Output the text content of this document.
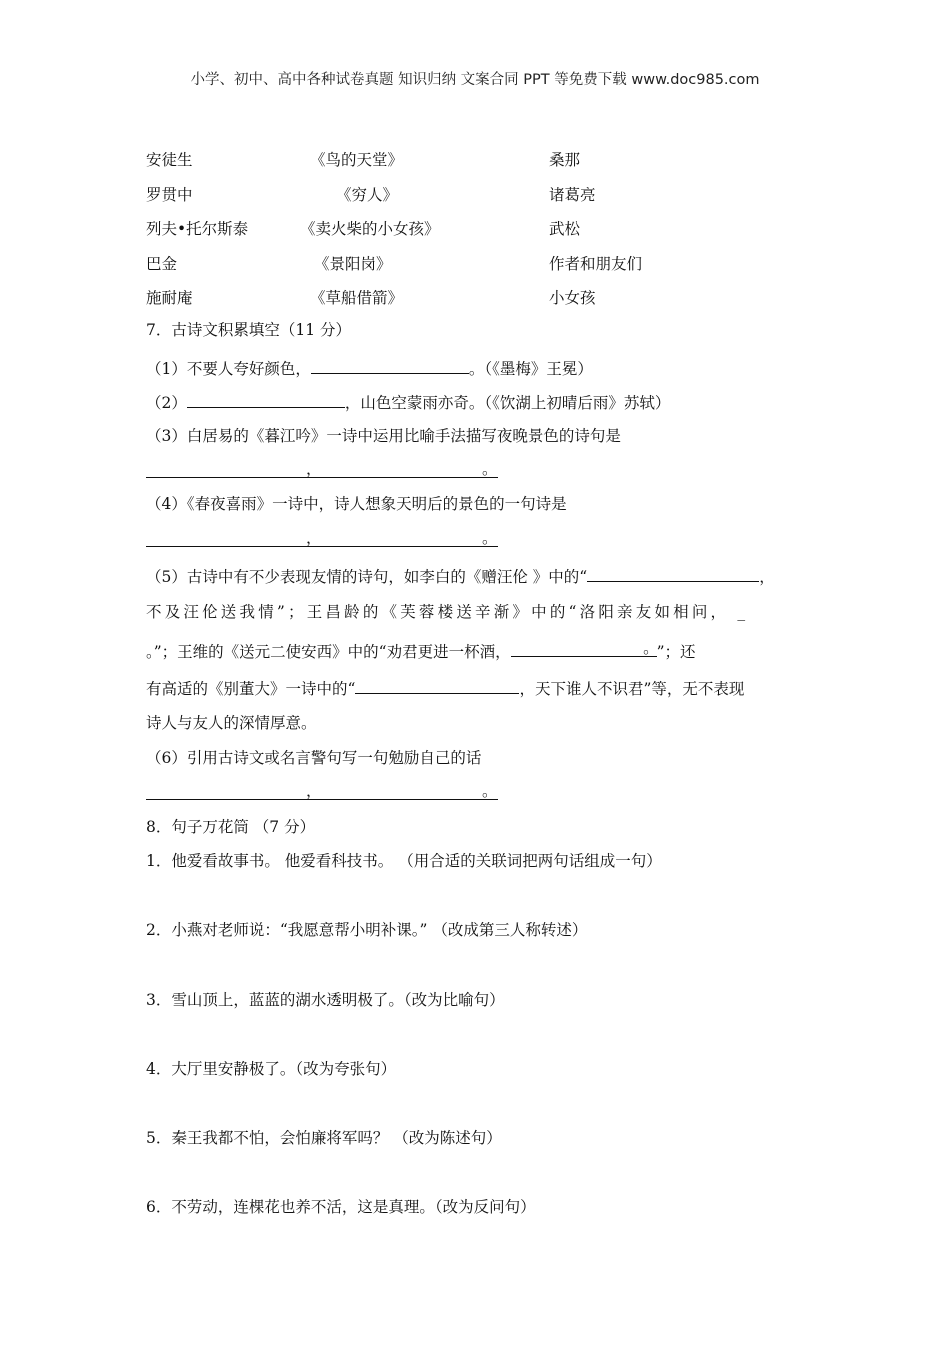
小学、初中、高中各种试卷真题 知识归纳 文案合同 PPT 等免费下载 www.doc985.com
安徒生	《鸟的天堂》	桑那
罗贯中	《穷人》	诸葛亮
列夫•托尔斯泰	《卖火柴的小女孩》	武松
巴金	《景阳岗》	作者和朋友们
施耐庵	《草船借箭》	小女孩
7．古诗文积累填空（11 分）
（1）不要人夸好颜色，	。（《墨梅》王冕）
（2）	，山色空蒙雨亦奇。（《饮湖上初晴后雨》苏轼）
（3）白居易的《暮江吟》一诗中运用比喻手法描写夜晚景色的诗句是
，	。
（4）《春夜喜雨》一诗中，诗人想象天明后的景色的一句诗是
，	。
（5）古诗中有不少表现友情的诗句，如李白的《赠汪伦 》中的“	，
不及汪伦送我情”；王昌龄的《芙蓉楼送辛渐》中的“洛阳亲友如相问， _
。”；王维的《送元二使安西》中的“劝君更进一杯酒，	。
”；还
有高适的《别董大》一诗中的“	，天下谁人不识君”等，无不表现
诗人与友人的深情厚意。
（6）引用古诗文或名言警句写一句勉励自己的话
，	。
8．句子万花筒 （7 分）
1．他爱看故事书。 他爱看科技书。 （用合适的关联词把两句话组成一句）
2．小燕对老师说：“我愿意帮小明补课。” （改成第三人称转述）
3．雪山顶上，蓝蓝的湖水透明极了。（改为比喻句）
4．大厅里安静极了。（改为夸张句）
5．秦王我都不怕，会怕廉将军吗？ （改为陈述句）
6．不劳动，连棵花也养不活，这是真理。（改为反问句）
